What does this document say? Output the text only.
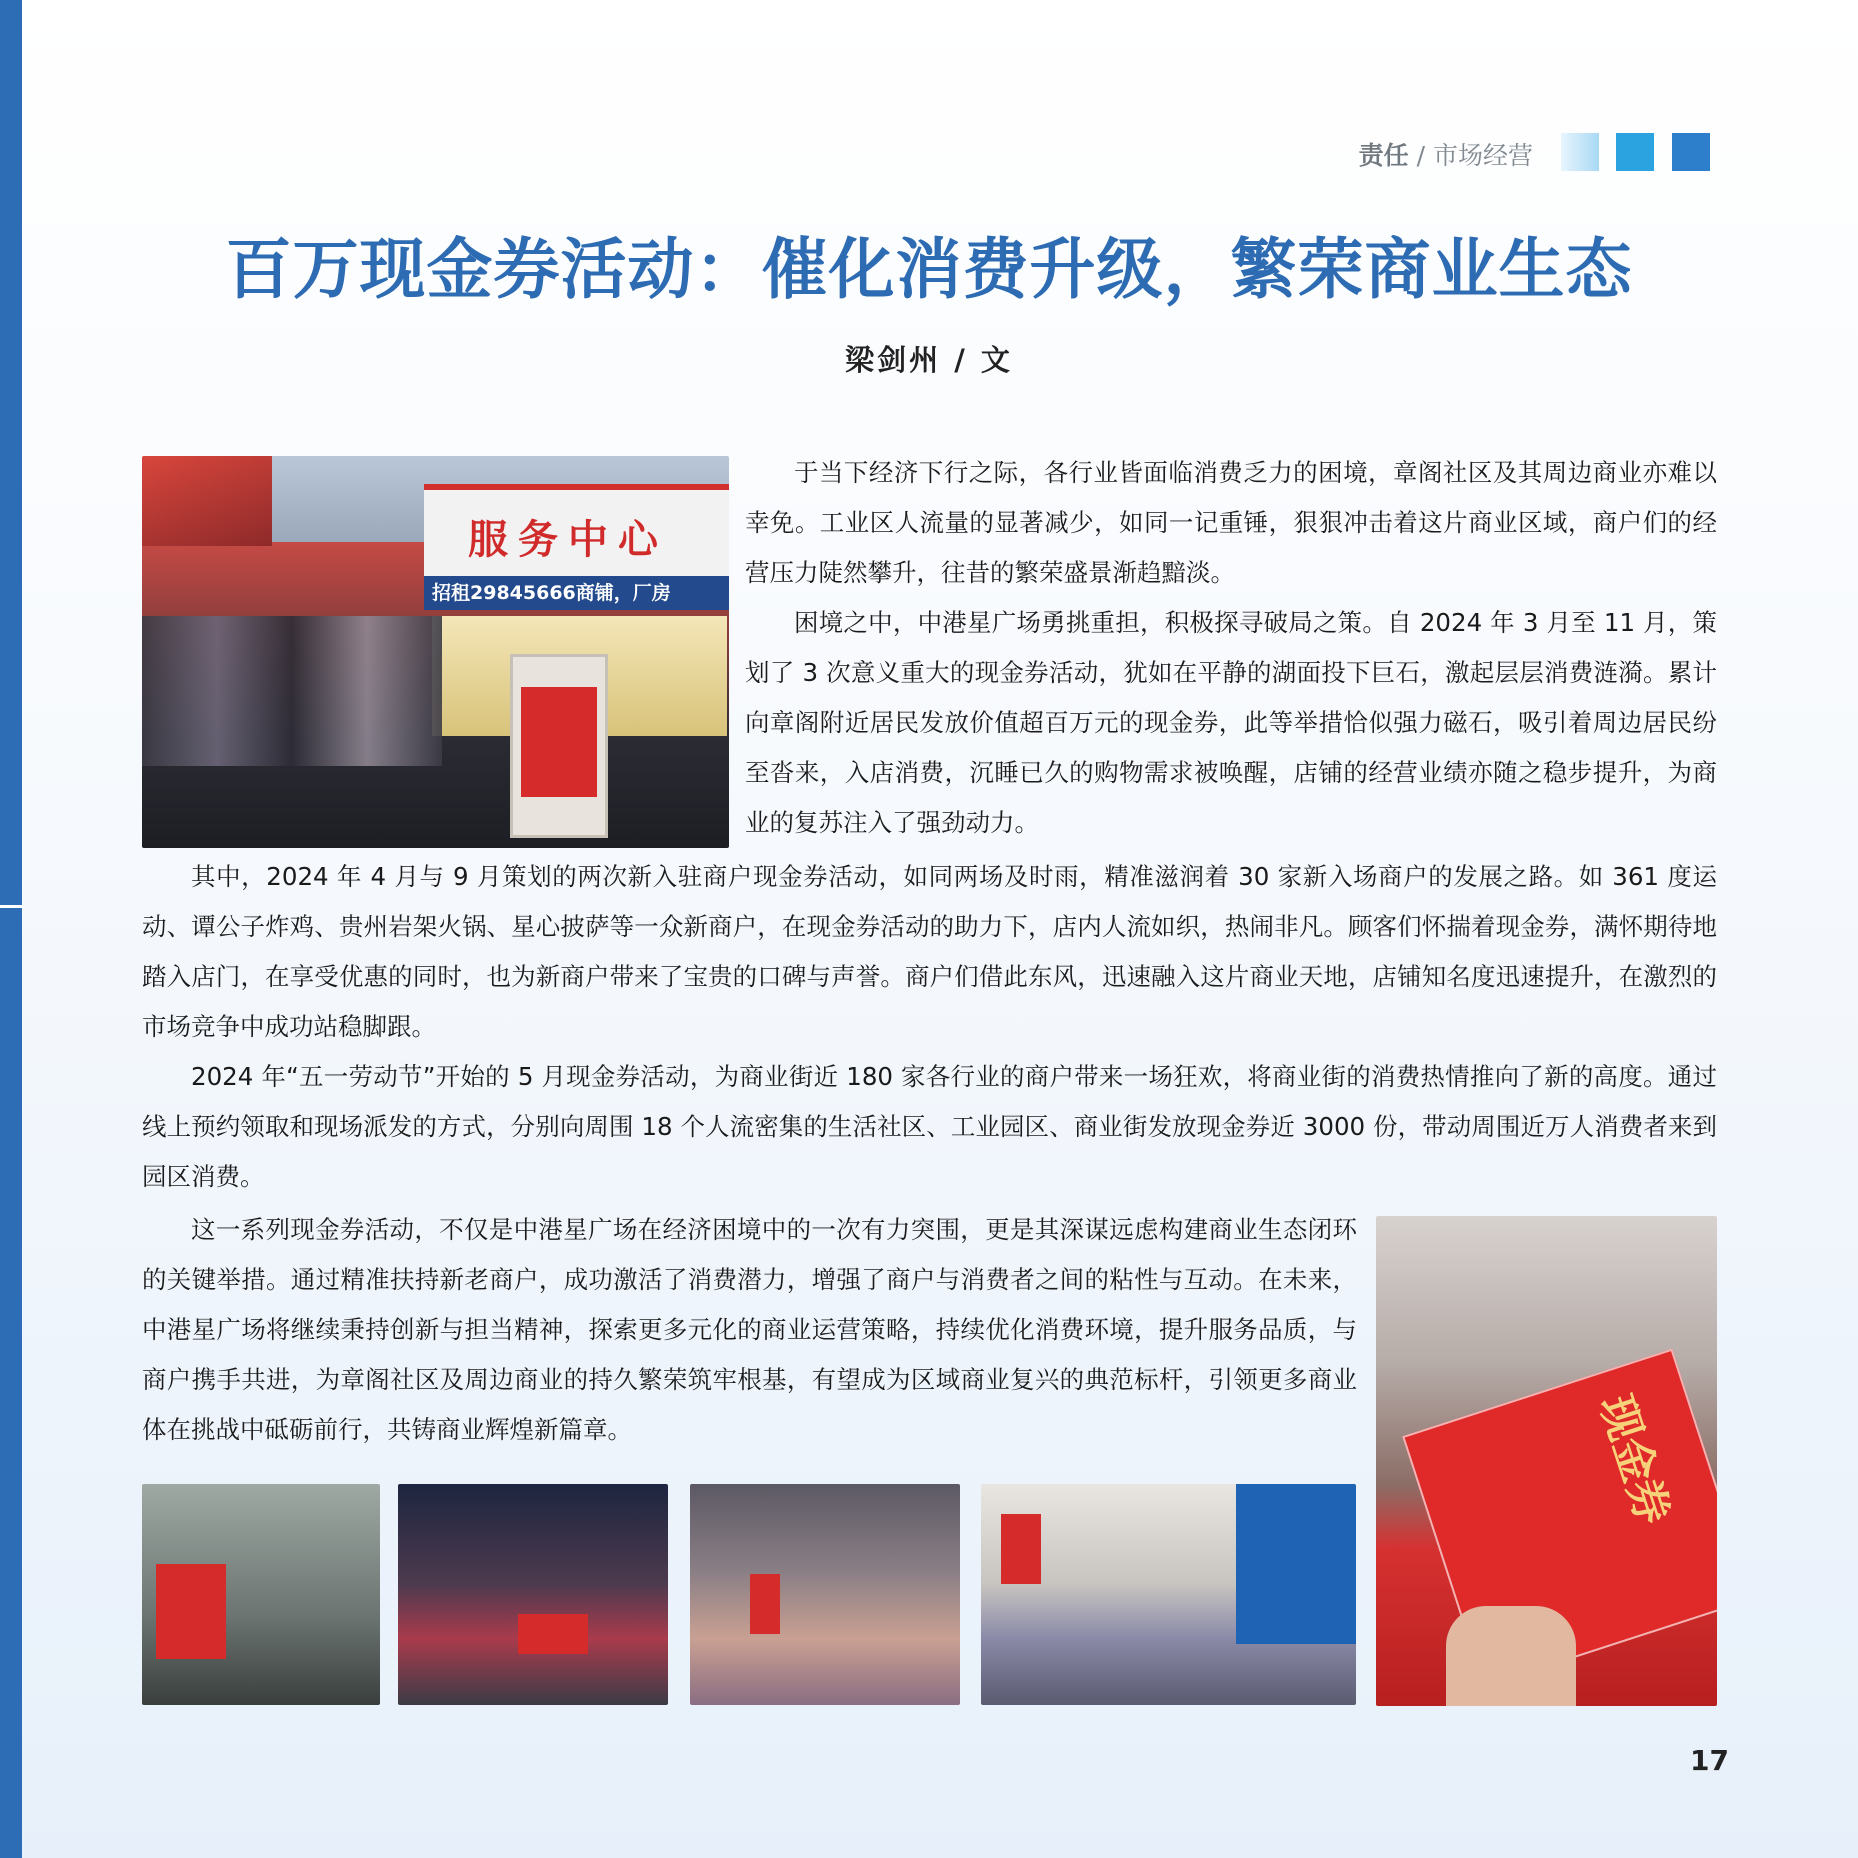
责任 / 市场经营
百万现金券活动：催化消费升级，繁荣商业生态
梁剑州 / 文
服务中心
招租29845666商铺，厂房

于当下经济下行之际，各行业皆面临消费乏力的困境，章阁社区及其周边商业亦难以幸免。工业区人流量的显著减少，如同一记重锤，狠狠冲击着这片商业区域，商户们的经营压力陡然攀升，往昔的繁荣盛景渐趋黯淡。

困境之中，中港星广场勇挑重担，积极探寻破局之策。自 2024 年 3 月至 11 月，策划了 3 次意义重大的现金券活动，犹如在平静的湖面投下巨石，激起层层消费涟漪。累计向章阁附近居民发放价值超百万元的现金券，此等举措恰似强力磁石，吸引着周边居民纷至沓来，入店消费，沉睡已久的购物需求被唤醒，店铺的经营业绩亦随之稳步提升，为商业的复苏注入了强劲动力。

其中，2024 年 4 月与 9 月策划的两次新入驻商户现金券活动，如同两场及时雨，精准滋润着 30 家新入场商户的发展之路。如 361 度运动、谭公子炸鸡、贵州岩架火锅、星心披萨等一众新商户，在现金券活动的助力下，店内人流如织，热闹非凡。顾客们怀揣着现金券，满怀期待地踏入店门，在享受优惠的同时，也为新商户带来了宝贵的口碑与声誉。商户们借此东风，迅速融入这片商业天地，店铺知名度迅速提升，在激烈的市场竞争中成功站稳脚跟。

2024 年“五一劳动节”开始的 5 月现金券活动，为商业街近 180 家各行业的商户带来一场狂欢，将商业街的消费热情推向了新的高度。通过线上预约领取和现场派发的方式，分别向周围 18 个人流密集的生活社区、工业园区、商业街发放现金券近 3000 份，带动周围近万人消费者来到园区消费。

这一系列现金券活动，不仅是中港星广场在经济困境中的一次有力突围，更是其深谋远虑构建商业生态闭环的关键举措。通过精准扶持新老商户，成功激活了消费潜力，增强了商户与消费者之间的粘性与互动。在未来，中港星广场将继续秉持创新与担当精神，探索更多元化的商业运营策略，持续优化消费环境，提升服务品质，与商户携手共进，为章阁社区及周边商业的持久繁荣筑牢根基，有望成为区域商业复兴的典范标杆，引领更多商业体在挑战中砥砺前行，共铸商业辉煌新篇章。	现金券
17
